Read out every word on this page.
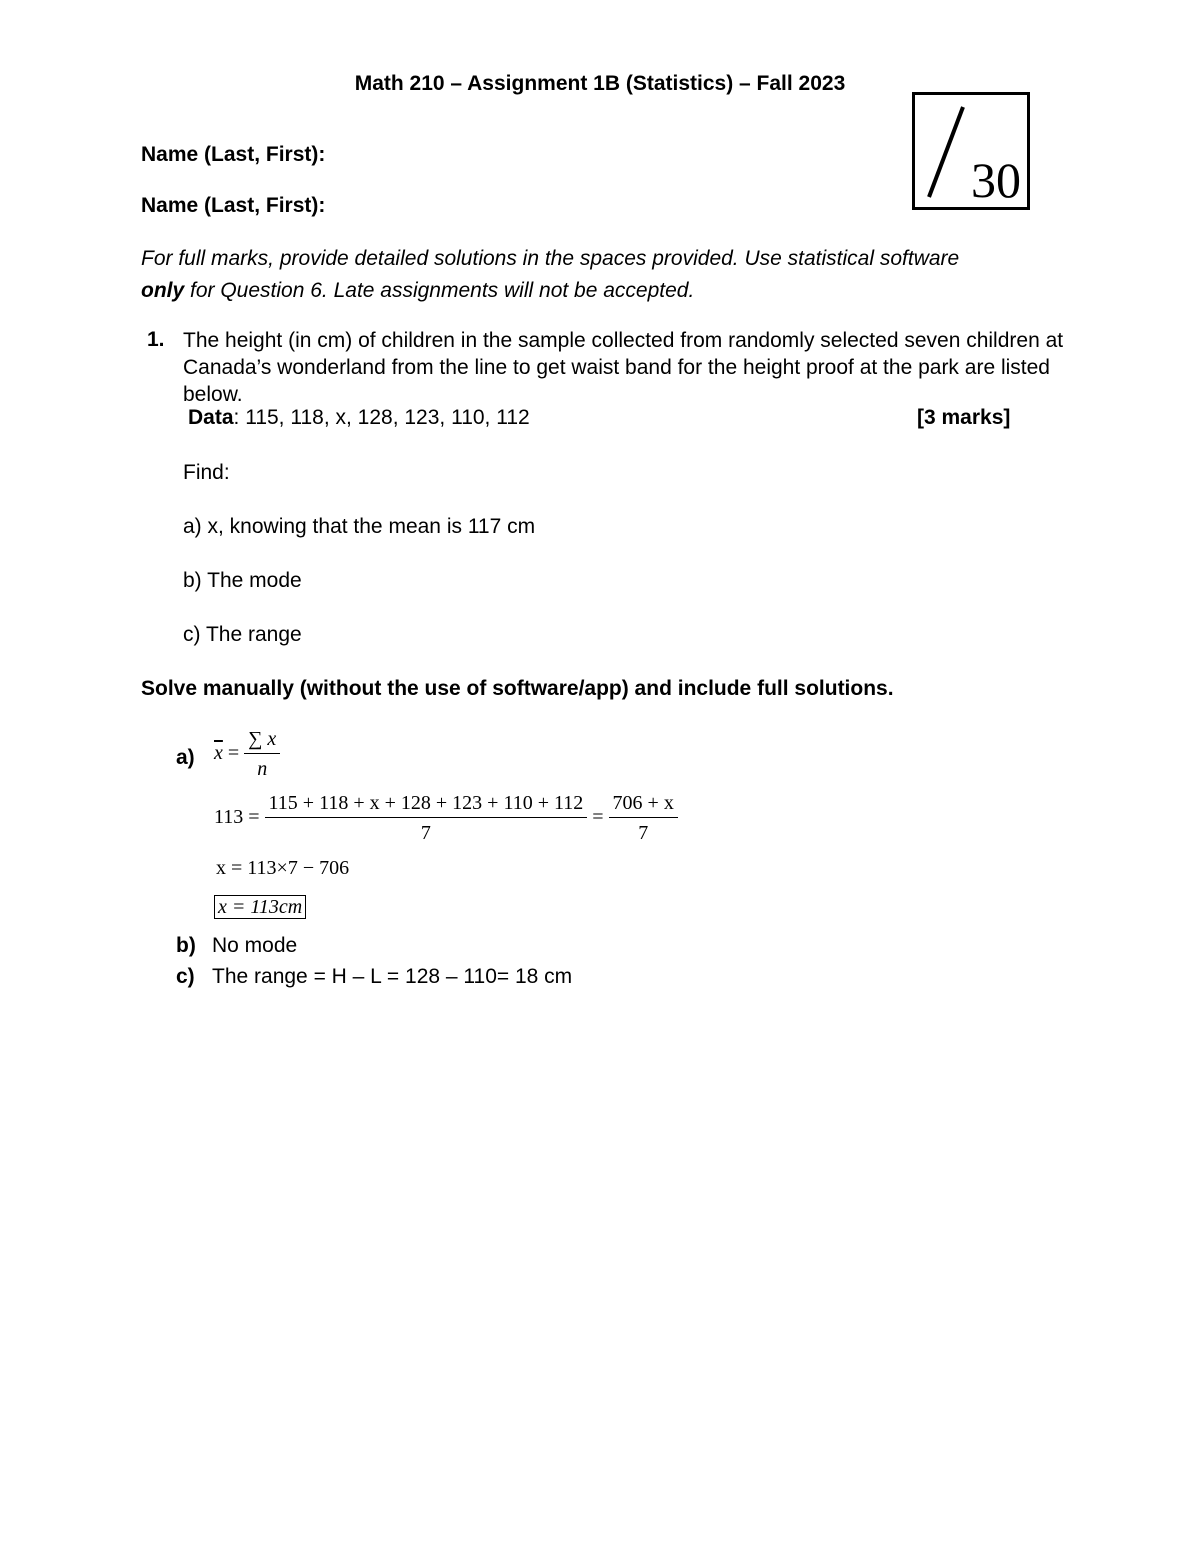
Math 210 – Assignment 1B (Statistics) – Fall 2023
Name (Last, First):
Name (Last, First):	30
For full marks, provide detailed solutions in the spaces provided. Use statistical software
only for Question 6. Late assignments will not be accepted.
1. The height (in cm) of children in the sample collected from randomly selected seven children at Canada’s wonderland from the line to get waist band for the height proof at the park are listed below.
Data: 115, 118, x, 128, 123, 110, 112	[3 marks]
Find:
a) x, knowing that the mean is 117 cm
b) The mode
c) The range
Solve manually (without the use of software/app) and include full solutions.
a) $\overline{x} = \frac{\sum x}{n}$
$113 = \frac{115 + 118 + x + 128 + 123 + 110 + 112}{7} = \frac{706 + x}{7}$
x = 113×7 − 706
x = 113cm
b) No mode
c) The range = H – L = 128 – 110= 18 cm
